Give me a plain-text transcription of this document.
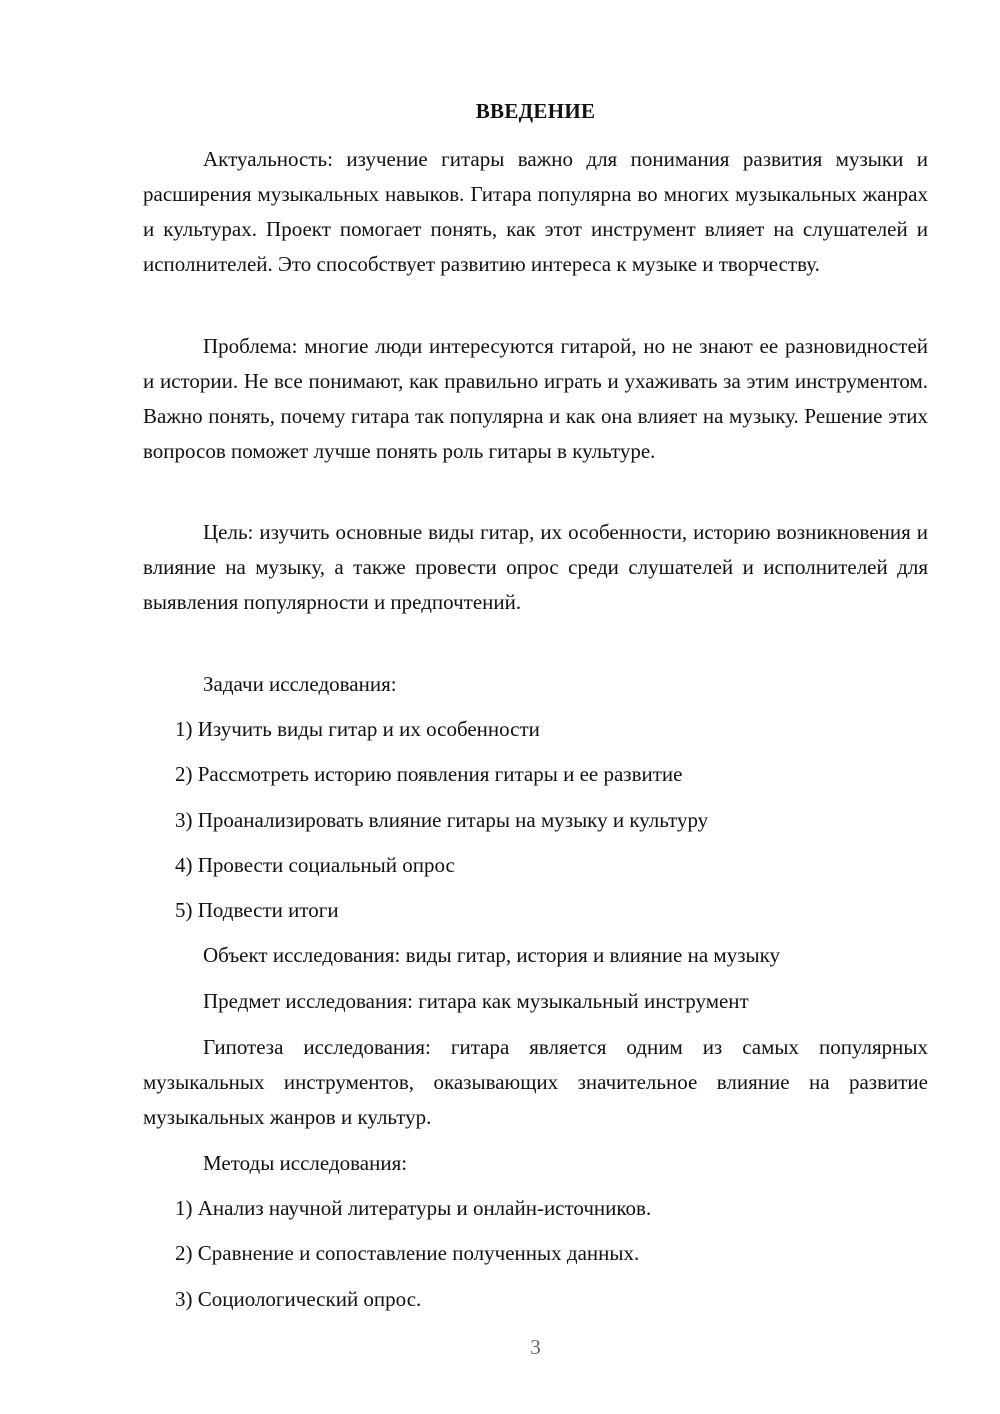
ВВЕДЕНИЕ

Актуальность: изучение гитары важно для понимания развития музыки и расширения музыкальных навыков. Гитара популярна во многих музыкальных жанрах и культурах. Проект помогает понять, как этот инструмент влияет на слушателей и исполнителей. Это способствует развитию интереса к музыке и творчеству.

Проблема: многие люди интересуются гитарой, но не знают ее разновидностей и истории. Не все понимают, как правильно играть и ухаживать за этим инструментом. Важно понять, почему гитара так популярна и как она влияет на музыку. Решение этих вопросов поможет лучше понять роль гитары в культуре.

Цель: изучить основные виды гитар, их особенности, историю возникновения и влияние на музыку, а также провести опрос среди слушателей и исполнителей для выявления популярности и предпочтений.

Задачи исследования:
1) Изучить виды гитар и их особенности
2) Рассмотреть историю появления гитары и ее развитие
3) Проанализировать влияние гитары на музыку и культуру
4) Провести социальный опрос
5) Подвести итоги
Объект исследования: виды гитар, история и влияние на музыку
Предмет исследования: гитара как музыкальный инструмент

Гипотеза исследования: гитара является одним из самых популярных музыкальных инструментов, оказывающих значительное влияние на развитие музыкальных жанров и культур.

Методы исследования:
1) Анализ научной литературы и онлайн-источников.
2) Сравнение и сопоставление полученных данных.
3) Социологический опрос.
3
